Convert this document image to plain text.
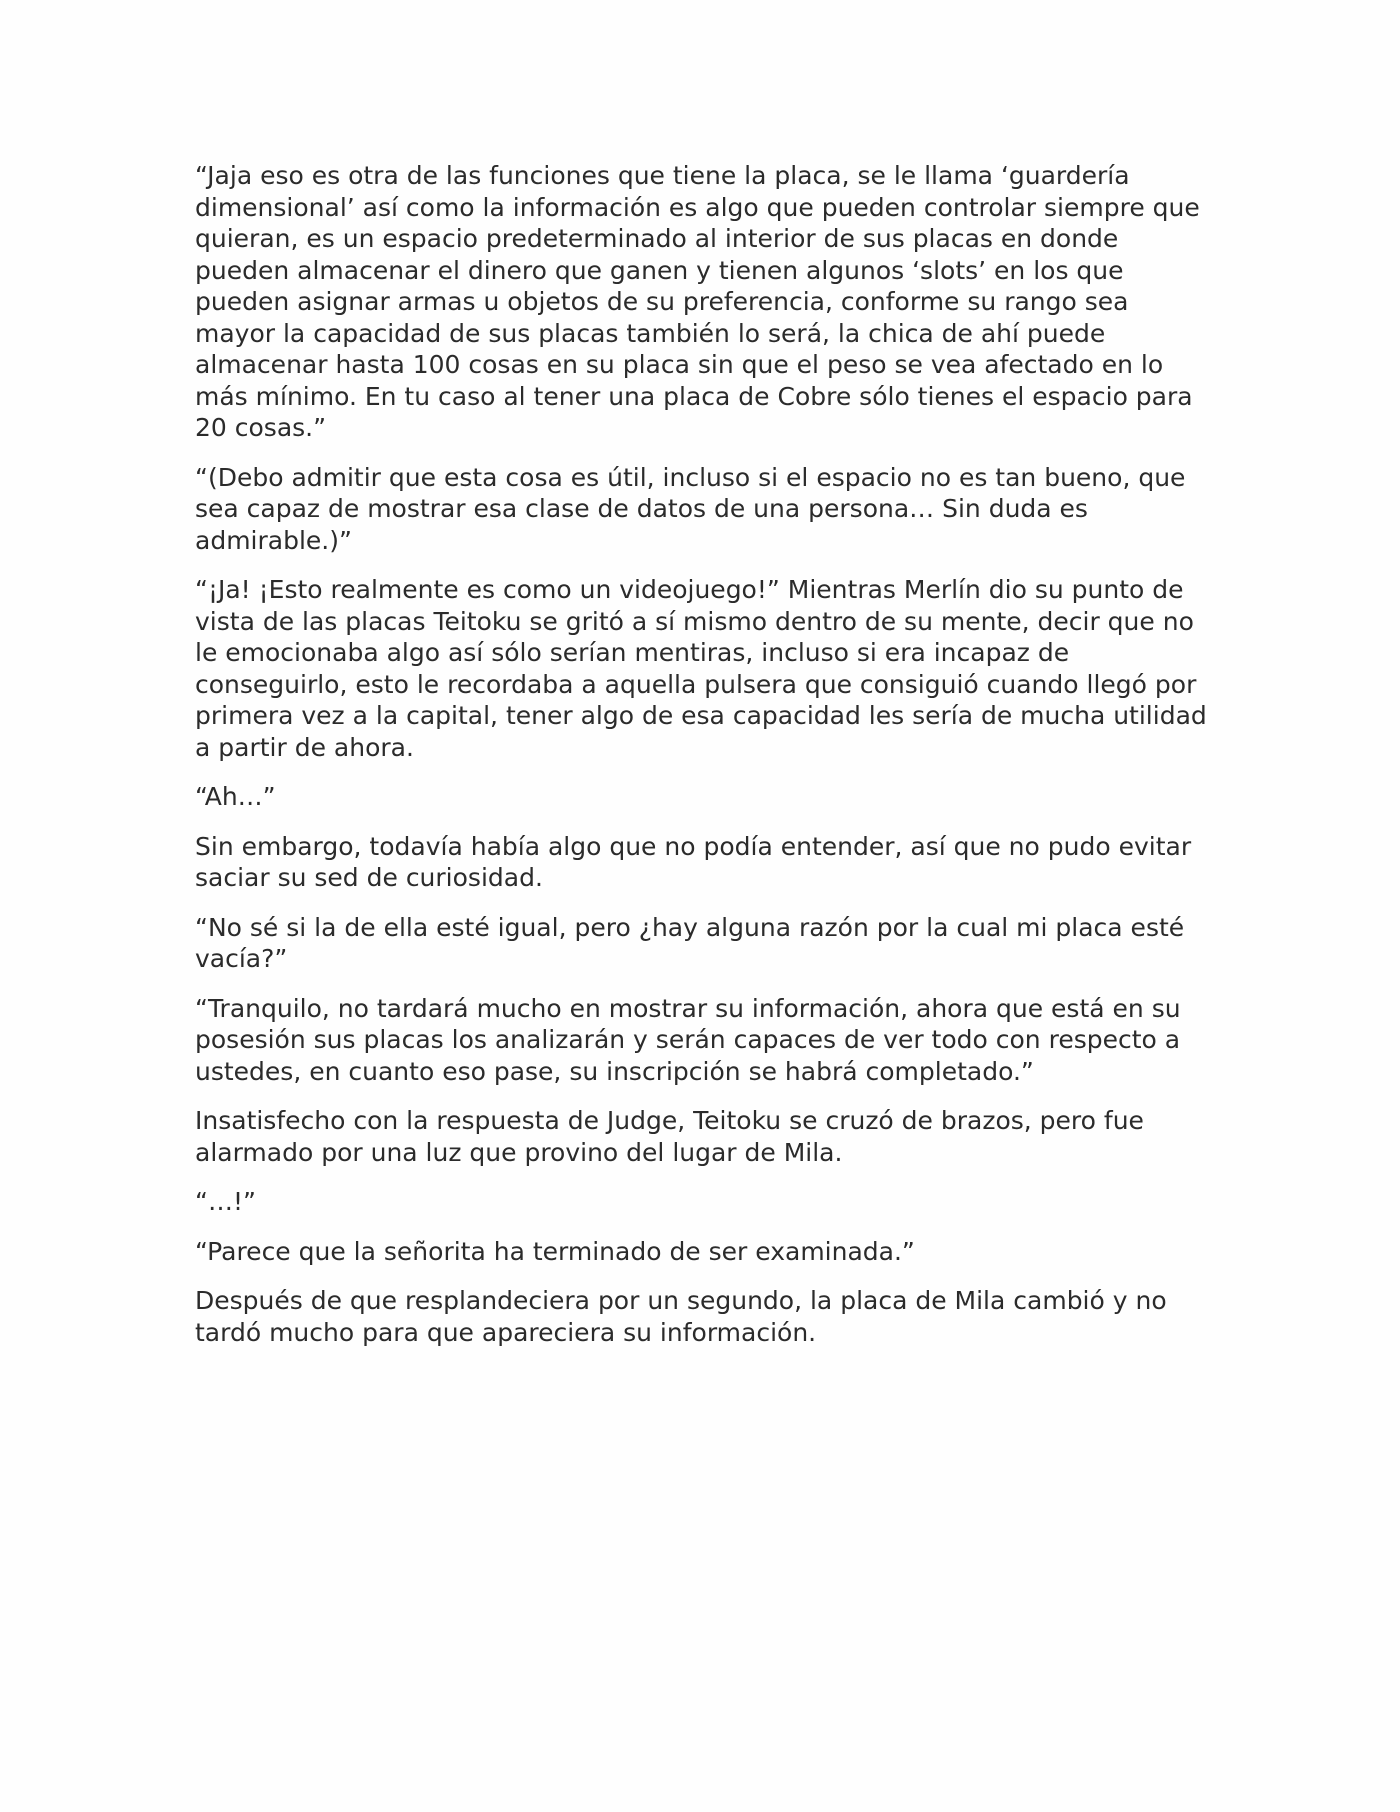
“Jaja eso es otra de las funciones que tiene la placa, se le llama ‘guardería dimensional’ así como la información es algo que pueden controlar siempre que quieran, es un espacio predeterminado al interior de sus placas en donde pueden almacenar el dinero que ganen y tienen algunos ‘slots’ en los que pueden asignar armas u objetos de su preferencia, conforme su rango sea mayor la capacidad de sus placas también lo será, la chica de ahí puede almacenar hasta 100 cosas en su placa sin que el peso se vea afectado en lo más mínimo. En tu caso al tener una placa de Cobre sólo tienes el espacio para 20 cosas.”

“(Debo admitir que esta cosa es útil, incluso si el espacio no es tan bueno, que sea capaz de mostrar esa clase de datos de una persona… Sin duda es admirable.)”

“¡Ja! ¡Esto realmente es como un videojuego!” Mientras Merlín dio su punto de vista de las placas Teitoku se gritó a sí mismo dentro de su mente, decir que no le emocionaba algo así sólo serían mentiras, incluso si era incapaz de conseguirlo, esto le recordaba a aquella pulsera que consiguió cuando llegó por primera vez a la capital, tener algo de esa capacidad les sería de mucha utilidad a partir de ahora.

“Ah…”

Sin embargo, todavía había algo que no podía entender, así que no pudo evitar saciar su sed de curiosidad.

“No sé si la de ella esté igual, pero ¿hay alguna razón por la cual mi placa esté vacía?”

“Tranquilo, no tardará mucho en mostrar su información, ahora que está en su posesión sus placas los analizarán y serán capaces de ver todo con respecto a ustedes, en cuanto eso pase, su inscripción se habrá completado.”

Insatisfecho con la respuesta de Judge, Teitoku se cruzó de brazos, pero fue alarmado por una luz que provino del lugar de Mila.

“…!”

“Parece que la señorita ha terminado de ser examinada.”

Después de que resplandeciera por un segundo, la placa de Mila cambió y no tardó mucho para que apareciera su información.
